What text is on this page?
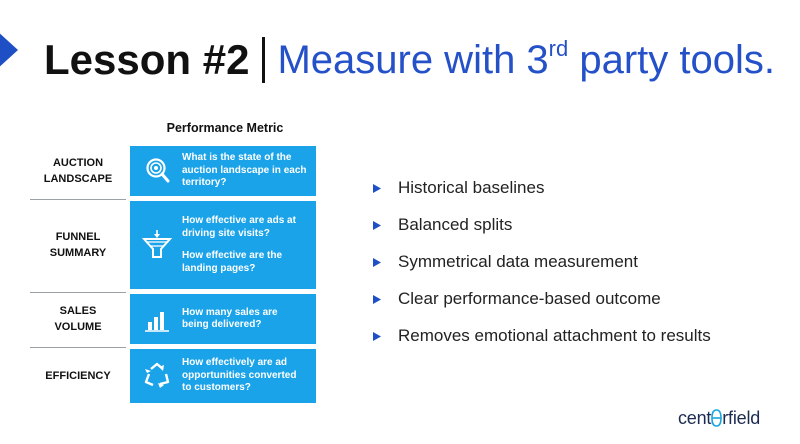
Lesson #2 Measure with 3rd party tools.
Performance Metric
AUCTION
LANDSCAPE
What is the state of the
auction landscape in each
territory?
FUNNEL
SUMMARY
How effective are ads at
driving site visits?
How effective are the
landing pages?
SALES
VOLUME
How many sales are
being delivered?
EFFICIENCY
How effectively are ad
opportunities converted
to customers?
Historical baselines
Balanced splits
Symmetrical data measurement
Clear performance-based outcome
Removes emotional attachment to results
cent rfield
